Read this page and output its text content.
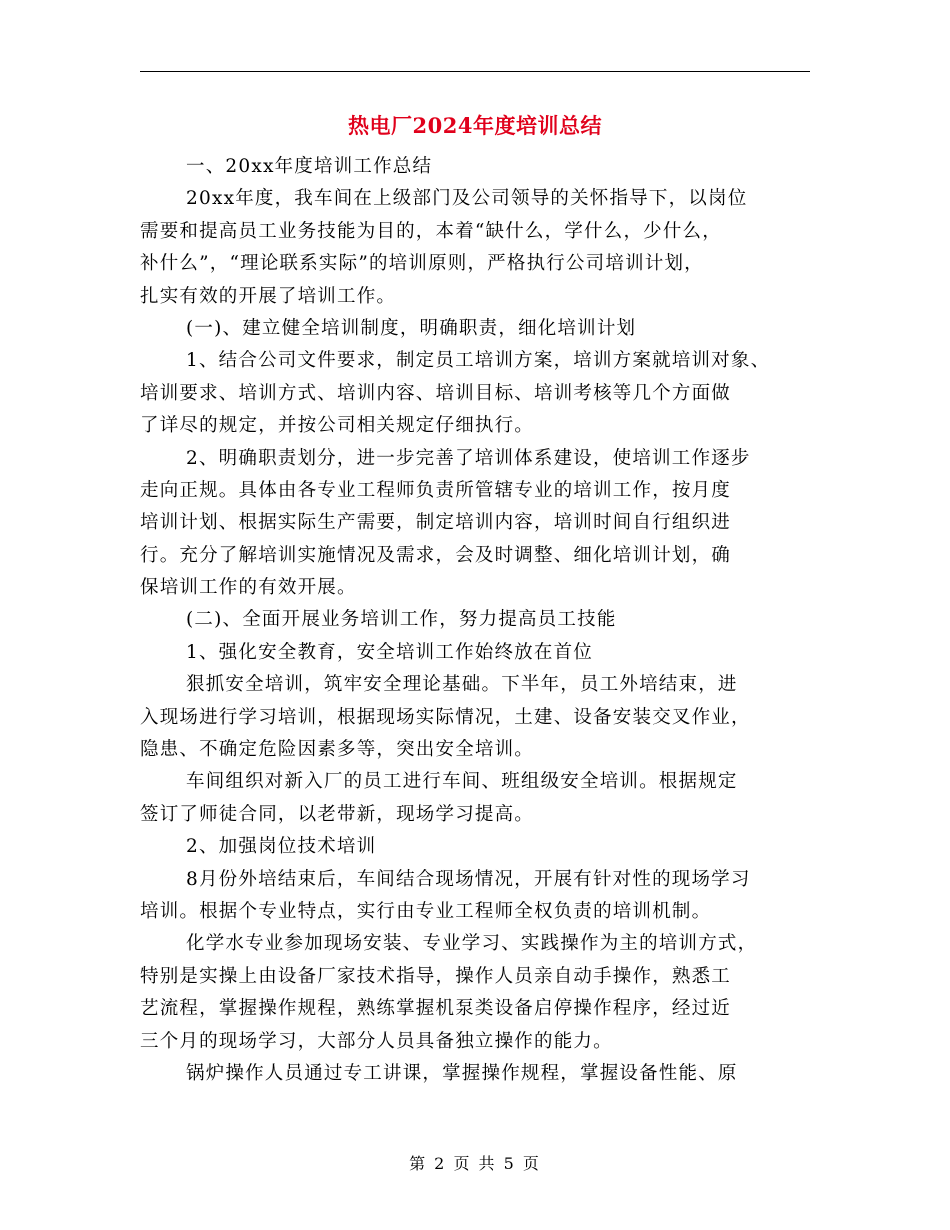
热电厂2024年度培训总结
一、20xx年度培训工作总结
20xx年度，我车间在上级部门及公司领导的关怀指导下，以岗位
需要和提高员工业务技能为目的，本着“缺什么，学什么，少什么，
补什么”，“理论联系实际”的培训原则，严格执行公司培训计划，
扎实有效的开展了培训工作。
(一)、建立健全培训制度，明确职责，细化培训计划
1、结合公司文件要求，制定员工培训方案，培训方案就培训对象、
培训要求、培训方式、培训内容、培训目标、培训考核等几个方面做
了详尽的规定，并按公司相关规定仔细执行。
2、明确职责划分，进一步完善了培训体系建设，使培训工作逐步
走向正规。具体由各专业工程师负责所管辖专业的培训工作，按月度
培训计划、根据实际生产需要，制定培训内容，培训时间自行组织进
行。充分了解培训实施情况及需求，会及时调整、细化培训计划，确
保培训工作的有效开展。
(二)、全面开展业务培训工作，努力提高员工技能
1、强化安全教育，安全培训工作始终放在首位
狠抓安全培训，筑牢安全理论基础。下半年，员工外培结束，进
入现场进行学习培训，根据现场实际情况，土建、设备安装交叉作业，
隐患、不确定危险因素多等，突出安全培训。
车间组织对新入厂的员工进行车间、班组级安全培训。根据规定
签订了师徒合同，以老带新，现场学习提高。
2、加强岗位技术培训
8月份外培结束后，车间结合现场情况，开展有针对性的现场学习
培训。根据个专业特点，实行由专业工程师全权负责的培训机制。
化学水专业参加现场安装、专业学习、实践操作为主的培训方式，
特别是实操上由设备厂家技术指导，操作人员亲自动手操作，熟悉工
艺流程，掌握操作规程，熟练掌握机泵类设备启停操作程序，经过近
三个月的现场学习，大部分人员具备独立操作的能力。
锅炉操作人员通过专工讲课，掌握操作规程，掌握设备性能、原
第 2 页 共 5 页
